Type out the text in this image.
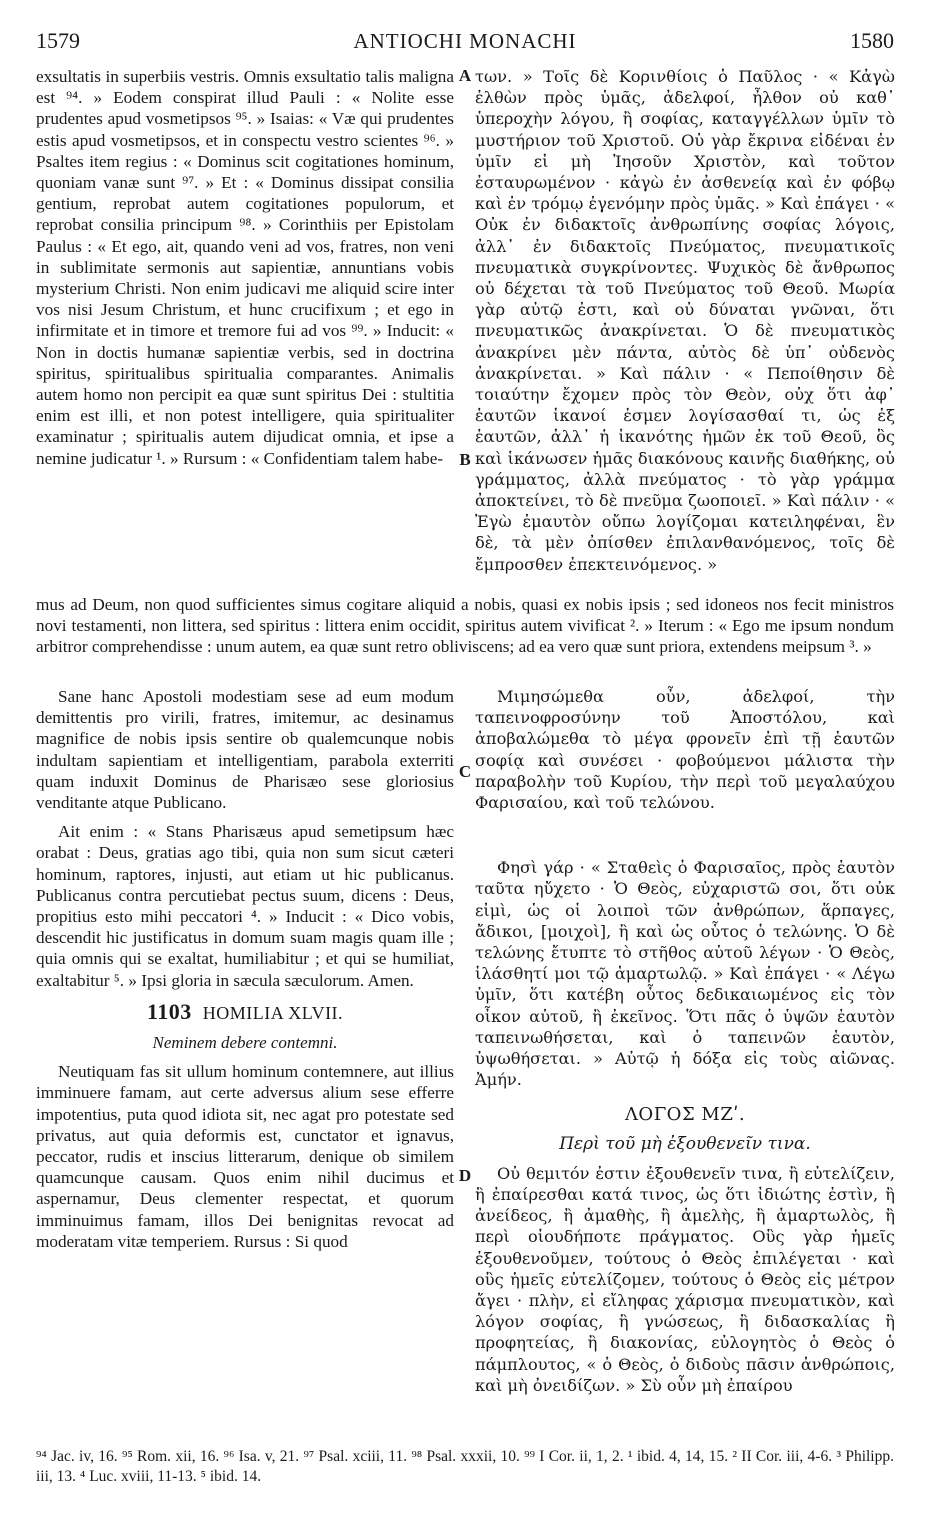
1579	ANTIOCHI MONACHI	1580

exsultatis in superbiis vestris. Omnis exsultatio talis maligna est ⁹⁴. » Eodem conspirat illud Pauli : « Nolite esse prudentes apud vosmetipsos ⁹⁵. » Isaias: « Væ qui prudentes estis apud vosmetipsos, et in conspectu vestro scientes ⁹⁶. » Psaltes item regius : « Dominus scit cogitationes hominum, quoniam vanæ sunt ⁹⁷. » Et : « Dominus dissipat consilia gentium, reprobat autem cogitationes populorum, et reprobat consilia principum ⁹⁸. » Corinthiis per Epistolam Paulus : « Et ego, ait, quando veni ad vos, fratres, non veni in sublimitate sermonis aut sapientiæ, annuntians vobis mysterium Christi. Non enim judicavi me aliquid scire inter vos nisi Jesum Christum, et hunc crucifixum ; et ego in infirmitate et in timore et tremore fui ad vos ⁹⁹. » Inducit: « Non in doctis humanæ sapientiæ verbis, sed in doctrina spiritus, spiritualibus spiritualia comparantes. Animalis autem homo non percipit ea quæ sunt spiritus Dei : stultitia enim est illi, et non potest intelligere, quia spiritualiter examinatur ; spiritualis autem dijudicat omnia, et ipse a nemine judicatur ¹. » Rursum : « Confidentiam talem habe-

των. » Τοῖς δὲ Κορινθίοις ὁ Παῦλος · « Κἀγὼ ἐλθὼν πρὸς ὑμᾶς, ἀδελφοί, ἦλθον οὐ καθ᾽ ὑπεροχὴν λόγου, ἢ σοφίας, καταγγέλλων ὑμῖν τὸ μυστήριον τοῦ Χριστοῦ. Οὐ γὰρ ἔκρινα εἰδέναι ἐν ὑμῖν εἰ μὴ Ἰησοῦν Χριστὸν, καὶ τοῦτον ἐσταυρωμένον · κἀγὼ ἐν ἀσθενείᾳ καὶ ἐν φόβῳ καὶ ἐν τρόμῳ ἐγενόμην πρὸς ὑμᾶς. » Καὶ ἐπάγει · « Οὐκ ἐν διδακτοῖς ἀνθρωπίνης σοφίας λόγοις, ἀλλ᾽ ἐν διδακτοῖς Πνεύματος, πνευματικοῖς πνευματικὰ συγκρίνοντες. Ψυχικὸς δὲ ἄνθρωπος οὐ δέχεται τὰ τοῦ Πνεύματος τοῦ Θεοῦ. Μωρία γὰρ αὐτῷ ἐστι, καὶ οὐ δύναται γνῶναι, ὅτι πνευματικῶς ἀνακρίνεται. Ὁ δὲ πνευματικὸς ἀνακρίνει μὲν πάντα, αὐτὸς δὲ ὑπ᾽ οὐδενὸς ἀνακρίνεται. » Καὶ πάλιν · « Πεποίθησιν δὲ τοιαύτην ἔχομεν πρὸς τὸν Θεὸν, οὐχ ὅτι ἀφ᾽ ἑαυτῶν ἱκανοί ἐσμεν λογίσασθαί τι, ὡς ἐξ ἑαυτῶν, ἀλλ᾽ ἡ ἱκανότης ἡμῶν ἐκ τοῦ Θεοῦ, ὃς καὶ ἱκάνωσεν ἡμᾶς διακόνους καινῆς διαθήκης, οὐ γράμματος, ἀλλὰ πνεύματος · τὸ γὰρ γράμμα ἀποκτείνει, τὸ δὲ πνεῦμα ζωοποιεῖ. » Καὶ πάλιν · « Ἐγὼ ἐμαυτὸν οὔπω λογίζομαι κατειληφέναι, ἓν δὲ, τὰ μὲν ὀπίσθεν ἐπιλανθανόμενος, τοῖς δὲ ἔμπροσθεν ἐπεκτεινόμενος. »

A
B

mus ad Deum, non quod sufficientes simus cogitare aliquid a nobis, quasi ex nobis ipsis ; sed idoneos nos fecit ministros novi testamenti, non littera, sed spiritus : littera enim occidit, spiritus autem vivificat ². » Iterum : « Ego me ipsum nondum arbitror comprehendisse : unum autem, ea quæ sunt retro obliviscens; ad ea vero quæ sunt priora, extendens meipsum ³. »

Sane hanc Apostoli modestiam sese ad eum modum demittentis pro virili, fratres, imitemur, ac desinamus magnifice de nobis ipsis sentire ob qualemcunque nobis indultam sapientiam et intelligentiam, parabola exterriti quam induxit Dominus de Pharisæo sese gloriosius venditante atque Publicano.

Ait enim : « Stans Pharisæus apud semetipsum hæc orabat : Deus, gratias ago tibi, quia non sum sicut cæteri hominum, raptores, injusti, aut etiam ut hic publicanus. Publicanus contra percutiebat pectus suum, dicens : Deus, propitius esto mihi peccatori ⁴. » Inducit : « Dico vobis, descendit hic justificatus in domum suam magis quam ille ; quia omnis qui se exaltat, humiliabitur ; et qui se humiliat, exaltabitur ⁵. » Ipsi gloria in sæcula sæculorum. Amen.

1103 HOMILIA XLVII.

Neminem debere contemni.

Neutiquam fas sit ullum hominum contemnere, aut illius imminuere famam, aut certe adversus alium sese efferre impotentius, puta quod idiota sit, nec agat pro potestate sed privatus, aut quia deformis est, cunctator et ignavus, peccator, rudis et inscius litterarum, denique ob similem quamcunque causam. Quos enim nihil ducimus et aspernamur, Deus clementer respectat, et quorum imminuimus famam, illos Dei benignitas revocat ad moderatam vitæ temperiem. Rursus : Si quod

Μιμησώμεθα οὖν, ἀδελφοί, τὴν ταπεινοφροσύνην τοῦ Ἀποστόλου, καὶ ἀποβαλώμεθα τὸ μέγα φρονεῖν ἐπὶ τῇ ἑαυτῶν σοφίᾳ καὶ συνέσει · φοβούμενοι μάλιστα τὴν παραβολὴν τοῦ Κυρίου, τὴν περὶ τοῦ μεγαλαύχου Φαρισαίου, καὶ τοῦ τελώνου.

Φησὶ γάρ · « Σταθεὶς ὁ Φαρισαῖος, πρὸς ἑαυτὸν ταῦτα ηὔχετο · Ὁ Θεὸς, εὐχαριστῶ σοι, ὅτι οὐκ εἰμὶ, ὡς οἱ λοιποὶ τῶν ἀνθρώπων, ἅρπαγες, ἄδικοι, [μοιχοὶ], ἢ καὶ ὡς οὗτος ὁ τελώνης. Ὁ δὲ τελώνης ἔτυπτε τὸ στῆθος αὐτοῦ λέγων · Ὁ Θεὸς, ἱλάσθητί μοι τῷ ἁμαρτωλῷ. » Καὶ ἐπάγει · « Λέγω ὑμῖν, ὅτι κατέβη οὗτος δεδικαιωμένος εἰς τὸν οἶκον αὐτοῦ, ἢ ἐκεῖνος. Ὅτι πᾶς ὁ ὑψῶν ἑαυτὸν ταπεινωθήσεται, καὶ ὁ ταπεινῶν ἑαυτὸν, ὑψωθήσεται. » Αὐτῷ ἡ δόξα εἰς τοὺς αἰῶνας. Ἀμήν.

ΛΟΓΟΣ ΜΖʹ.

Περὶ τοῦ μὴ ἐξουθενεῖν τινα.

Οὐ θεμιτόν ἐστιν ἐξουθενεῖν τινα, ἢ εὐτελίζειν, ἢ ἐπαίρεσθαι κατά τινος, ὡς ὅτι ἰδιώτης ἐστὶν, ἢ ἀνείδεος, ἢ ἀμαθὴς, ἢ ἀμελὴς, ἢ ἁμαρτωλὸς, ἢ περὶ οἱουδήποτε πράγματος. Οὓς γὰρ ἡμεῖς ἐξουθενοῦμεν, τούτους ὁ Θεὸς ἐπιλέγεται · καὶ οὓς ἡμεῖς εὐτελίζομεν, τούτους ὁ Θεὸς εἰς μέτρον ἄγει · πλὴν, εἰ εἴληφας χάρισμα πνευματικὸν, καὶ λόγον σοφίας, ἢ γνώσεως, ἢ διδασκαλίας ἢ προφητείας, ἢ διακονίας, εὐλογητὸς ὁ Θεὸς ὁ πάμπλουτος, « ὁ Θεὸς, ὁ διδοὺς πᾶσιν ἀνθρώποις, καὶ μὴ ὀνειδίζων. » Σὺ οὖν μὴ ἐπαίρου

C
D
⁹⁴ Jac. iv, 16. ⁹⁵ Rom. xii, 16. ⁹⁶ Isa. v, 21. ⁹⁷ Psal. xciii, 11. ⁹⁸ Psal. xxxii, 10. ⁹⁹ I Cor. ii, 1, 2. ¹ ibid. 4, 14, 15. ² II Cor. iii, 4-6. ³ Philipp. iii, 13. ⁴ Luc. xviii, 11-13. ⁵ ibid. 14.
